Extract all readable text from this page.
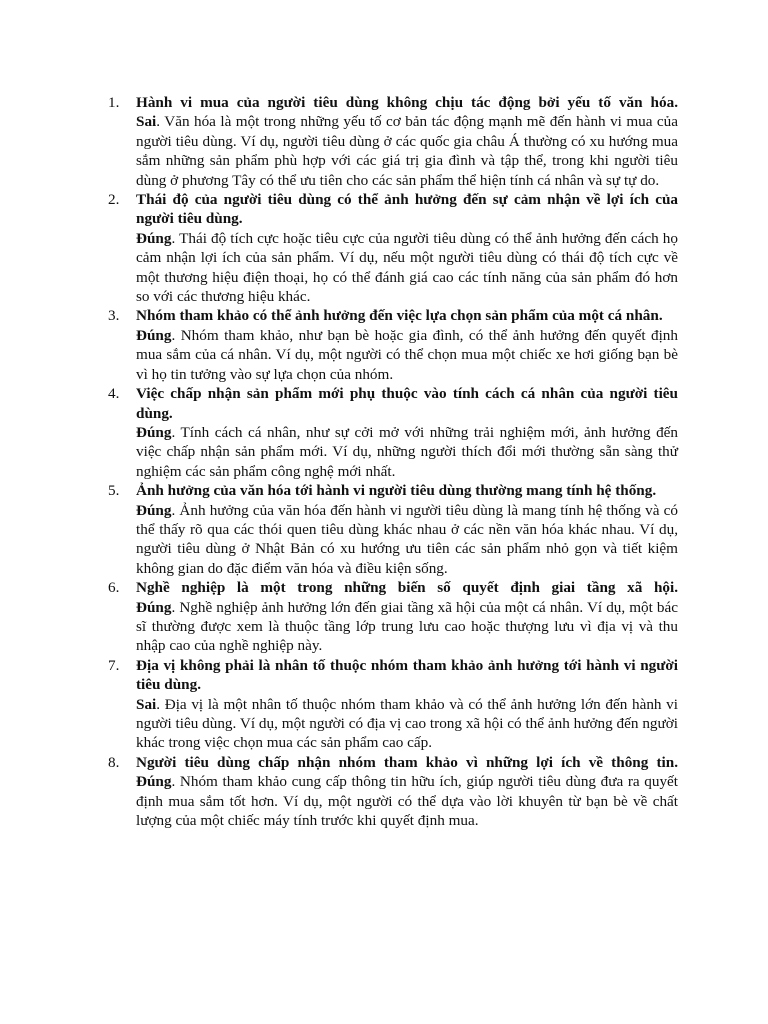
1. Hành vi mua của người tiêu dùng không chịu tác động bởi yếu tố văn hóa.
Sai. Văn hóa là một trong những yếu tố cơ bản tác động mạnh mẽ đến hành vi mua của người tiêu dùng. Ví dụ, người tiêu dùng ở các quốc gia châu Á thường có xu hướng mua sắm những sản phẩm phù hợp với các giá trị gia đình và tập thể, trong khi người tiêu dùng ở phương Tây có thể ưu tiên cho các sản phẩm thể hiện tính cá nhân và sự tự do.
2. Thái độ của người tiêu dùng có thể ảnh hưởng đến sự cảm nhận về lợi ích của người tiêu dùng.
Đúng. Thái độ tích cực hoặc tiêu cực của người tiêu dùng có thể ảnh hưởng đến cách họ cảm nhận lợi ích của sản phẩm. Ví dụ, nếu một người tiêu dùng có thái độ tích cực về một thương hiệu điện thoại, họ có thể đánh giá cao các tính năng của sản phẩm đó hơn so với các thương hiệu khác.
3. Nhóm tham khảo có thể ảnh hưởng đến việc lựa chọn sản phẩm của một cá nhân.
Đúng. Nhóm tham khảo, như bạn bè hoặc gia đình, có thể ảnh hưởng đến quyết định mua sắm của cá nhân. Ví dụ, một người có thể chọn mua một chiếc xe hơi giống bạn bè vì họ tin tưởng vào sự lựa chọn của nhóm.
4. Việc chấp nhận sản phẩm mới phụ thuộc vào tính cách cá nhân của người tiêu dùng.
Đúng. Tính cách cá nhân, như sự cởi mở với những trải nghiệm mới, ảnh hưởng đến việc chấp nhận sản phẩm mới. Ví dụ, những người thích đổi mới thường sẵn sàng thử nghiệm các sản phẩm công nghệ mới nhất.
5. Ảnh hưởng của văn hóa tới hành vi người tiêu dùng thường mang tính hệ thống.
Đúng. Ảnh hưởng của văn hóa đến hành vi người tiêu dùng là mang tính hệ thống và có thể thấy rõ qua các thói quen tiêu dùng khác nhau ở các nền văn hóa khác nhau. Ví dụ, người tiêu dùng ở Nhật Bản có xu hướng ưu tiên các sản phẩm nhỏ gọn và tiết kiệm không gian do đặc điểm văn hóa và điều kiện sống.
6. Nghề nghiệp là một trong những biến số quyết định giai tầng xã hội.
Đúng. Nghề nghiệp ảnh hưởng lớn đến giai tầng xã hội của một cá nhân. Ví dụ, một bác sĩ thường được xem là thuộc tầng lớp trung lưu cao hoặc thượng lưu vì địa vị và thu nhập cao của nghề nghiệp này.
7. Địa vị không phải là nhân tố thuộc nhóm tham khảo ảnh hưởng tới hành vi người tiêu dùng.
Sai. Địa vị là một nhân tố thuộc nhóm tham khảo và có thể ảnh hưởng lớn đến hành vi người tiêu dùng. Ví dụ, một người có địa vị cao trong xã hội có thể ảnh hưởng đến người khác trong việc chọn mua các sản phẩm cao cấp.
8. Người tiêu dùng chấp nhận nhóm tham khảo vì những lợi ích về thông tin.
Đúng. Nhóm tham khảo cung cấp thông tin hữu ích, giúp người tiêu dùng đưa ra quyết định mua sắm tốt hơn. Ví dụ, một người có thể dựa vào lời khuyên từ bạn bè về chất lượng của một chiếc máy tính trước khi quyết định mua.
